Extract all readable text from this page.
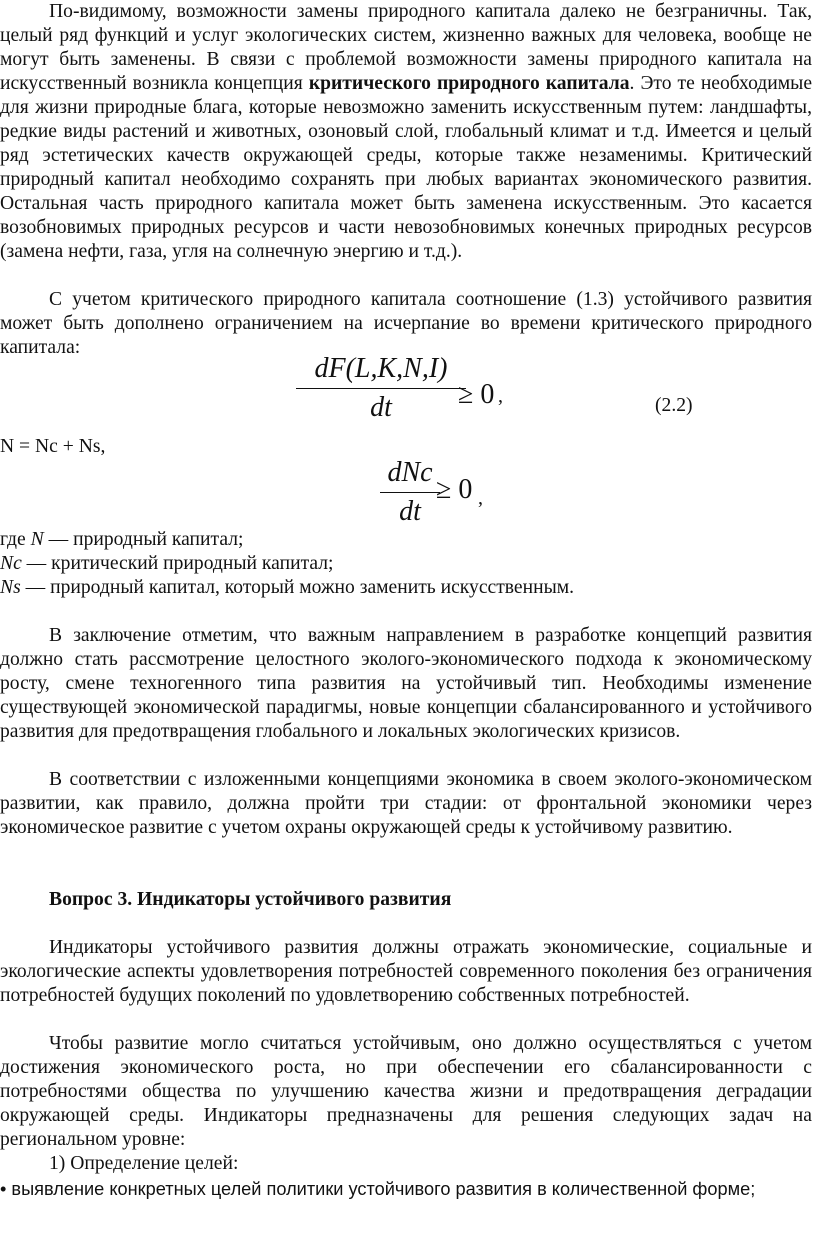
По-видимому, возможности замены природного капитала далеко не безграничны. Так, целый ряд функций и услуг экологических систем, жизненно важных для человека, вообще не могут быть заменены. В связи с проблемой возможности замены природного капитала на искусственный возникла концепция критического природного капитала. Это те необходимые для жизни природные блага, которые невозможно заменить искусственным путем: ландшафты, редкие виды растений и животных, озоновый слой, глобальный климат и т.д. Имеется и целый ряд эстетических качеств окружающей среды, которые также незаменимы. Критический природный капитал необходимо сохранять при любых вариантах экономического развития. Остальная часть природного капитала может быть заменена искусственным. Это касается возобновимых природных ресурсов и части невозобновимых конечных природных ресурсов (замена нефти, газа, угля на солнечную энергию и т.д.).

С учетом критического природного капитала соотношение (1.3) устойчивого развития может быть дополнено ограничением на исчерпание во времени критического природного капитала:

dF(L,K,N,I)
dt	≥ 0 ,	(2.2)

N = Nc + Ns,

dNc
dt
≥ 0 ,

где N — природный капитал;

Nc — критический природный капитал;

Ns — природный капитал, который можно заменить искусственным.

В заключение отметим, что важным направлением в разработке концепций развития должно стать рассмотрение целостного эколого-экономического подхода к экономическому росту, смене техногенного типа развития на устойчивый тип. Необходимы изменение существующей экономической парадигмы, новые концепции сбалансированного и устойчивого развития для предотвращения глобального и локальных экологических кризисов.

В соответствии с изложенными концепциями экономика в своем эколого-экономическом развитии, как правило, должна пройти три стадии: от фронтальной экономики через экономическое развитие с учетом охраны окружающей среды к устойчивому развитию.

Вопрос 3. Индикаторы устойчивого развития

Индикаторы устойчивого развития должны отражать экономические, социальные и экологические аспекты удовлетворения потребностей современного поколения без ограничения потребностей будущих поколений по удовлетворению собственных потребностей.

Чтобы развитие могло считаться устойчивым, оно должно осуществляться с учетом достижения экономического роста, но при обеспечении его сбалансированности с потребностями общества по улучшению качества жизни и предотвращения деградации окружающей среды. Индикаторы предназначены для решения следующих задач на региональном уровне:

1) Определение целей:

• выявление конкретных целей политики устойчивого развития в количественной форме;
